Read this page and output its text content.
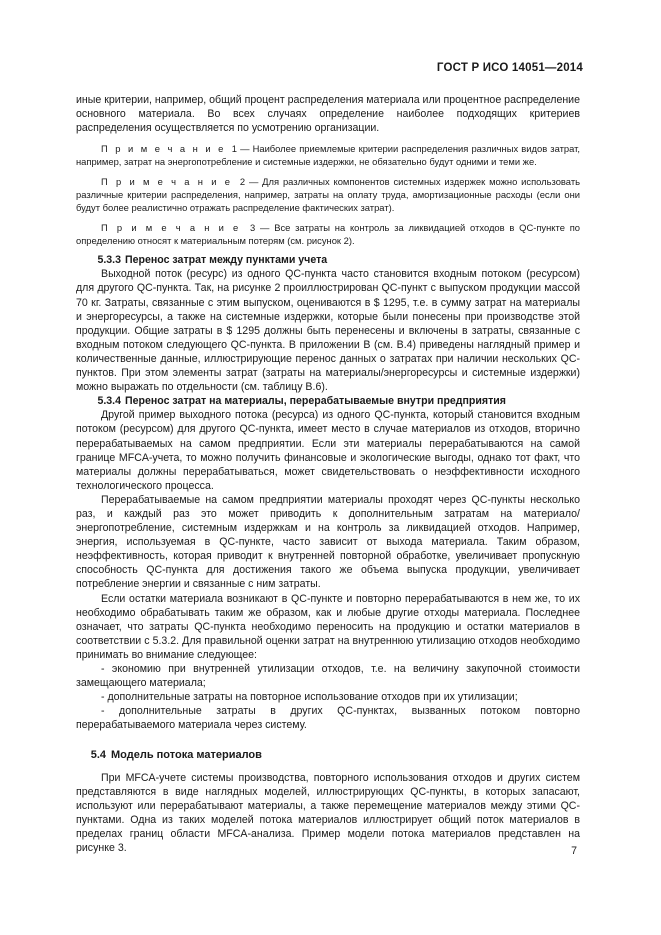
ГОСТ Р ИСО 14051—2014

иные критерии, например, общий процент распределения материала или процентное распределение основного материала. Во всех случаях определение наиболее подходящих критериев распределения осуществляется по усмотрению организации.

П р и м е ч а н и е 1 — Наиболее приемлемые критерии распределения различных видов затрат, например, затрат на энергопотребление и системные издержки, не обязательно будут одними и теми же.

П р и м е ч а н и е 2 — Для различных компонентов системных издержек можно использовать различные критерии распределения, например, затраты на оплату труда, амортизационные расходы (если они будут более реалистично отражать распределение фактических затрат).

П р и м е ч а н и е 3 — Все затраты на контроль за ликвидацией отходов в QC-пункте по определению относят к материальным потерям (см. рисунок 2).

5.3.3 Перенос затрат между пунктами учета

Выходной поток (ресурс) из одного QC-пункта часто становится входным потоком (ресурсом) для другого QC-пункта. Так, на рисунке 2 проиллюстрирован QC-пункт с выпуском продукции массой 70 кг. Затраты, связанные с этим выпуском, оцениваются в $ 1295, т.е. в сумму затрат на материалы и энергоресурсы, а также на системные издержки, которые были понесены при производстве этой продукции. Общие затраты в $ 1295 должны быть перенесены и включены в затраты, связанные с входным потоком следующего QC-пункта. В приложении В (см. В.4) приведены наглядный пример и количественные данные, иллюстрирующие перенос данных о затратах при наличии нескольких QC-пунктов. При этом элементы затрат (затраты на материалы/энергоресурсы и системные издержки) можно выражать по отдельности (см. таблицу В.6).

5.3.4 Перенос затрат на материалы, перерабатываемые внутри предприятия

Другой пример выходного потока (ресурса) из одного QC-пункта, который становится входным потоком (ресурсом) для другого QC-пункта, имеет место в случае материалов из отходов, вторично перерабатываемых на самом предприятии. Если эти материалы перерабатываются на самой границе MFCA-учета, то можно получить финансовые и экологические выгоды, однако тот факт, что материалы должны перерабатываться, может свидетельствовать о неэффективности исходного технологического процесса.

Перерабатываемые на самом предприятии материалы проходят через QC-пункты несколько раз, и каждый раз это может приводить к дополнительным затратам на материало/энергопотребление, системным издержкам и на контроль за ликвидацией отходов. Например, энергия, используемая в QC-пункте, часто зависит от выхода материала. Таким образом, неэффективность, которая приводит к внутренней повторной обработке, увеличивает пропускную способность QC-пункта для достижения такого же объема выпуска продукции, увеличивает потребление энергии и связанные с ним затраты.

Если остатки материала возникают в QC-пункте и повторно перерабатываются в нем же, то их необходимо обрабатывать таким же образом, как и любые другие отходы материала. Последнее означает, что затраты QC-пункта необходимо переносить на продукцию и остатки материалов в соответствии с 5.3.2. Для правильной оценки затрат на внутреннюю утилизацию отходов необходимо принимать во внимание следующее:

- экономию при внутренней утилизации отходов, т.е. на величину закупочной стоимости замещающего материала;

- дополнительные затраты на повторное использование отходов при их утилизации;

- дополнительные затраты в других QC-пунктах, вызванных потоком повторно перерабатываемого материала через систему.

5.4 Модель потока материалов

При MFCA-учете системы производства, повторного использования отходов и других систем представляются в виде наглядных моделей, иллюстрирующих QC-пункты, в которых запасают, используют или перерабатывают материалы, а также перемещение материалов между этими QC-пунктами. Одна из таких моделей потока материалов иллюстрирует общий поток материалов в пределах границ области MFCA-анализа. Пример модели потока материалов представлен на рисунке 3.	7
